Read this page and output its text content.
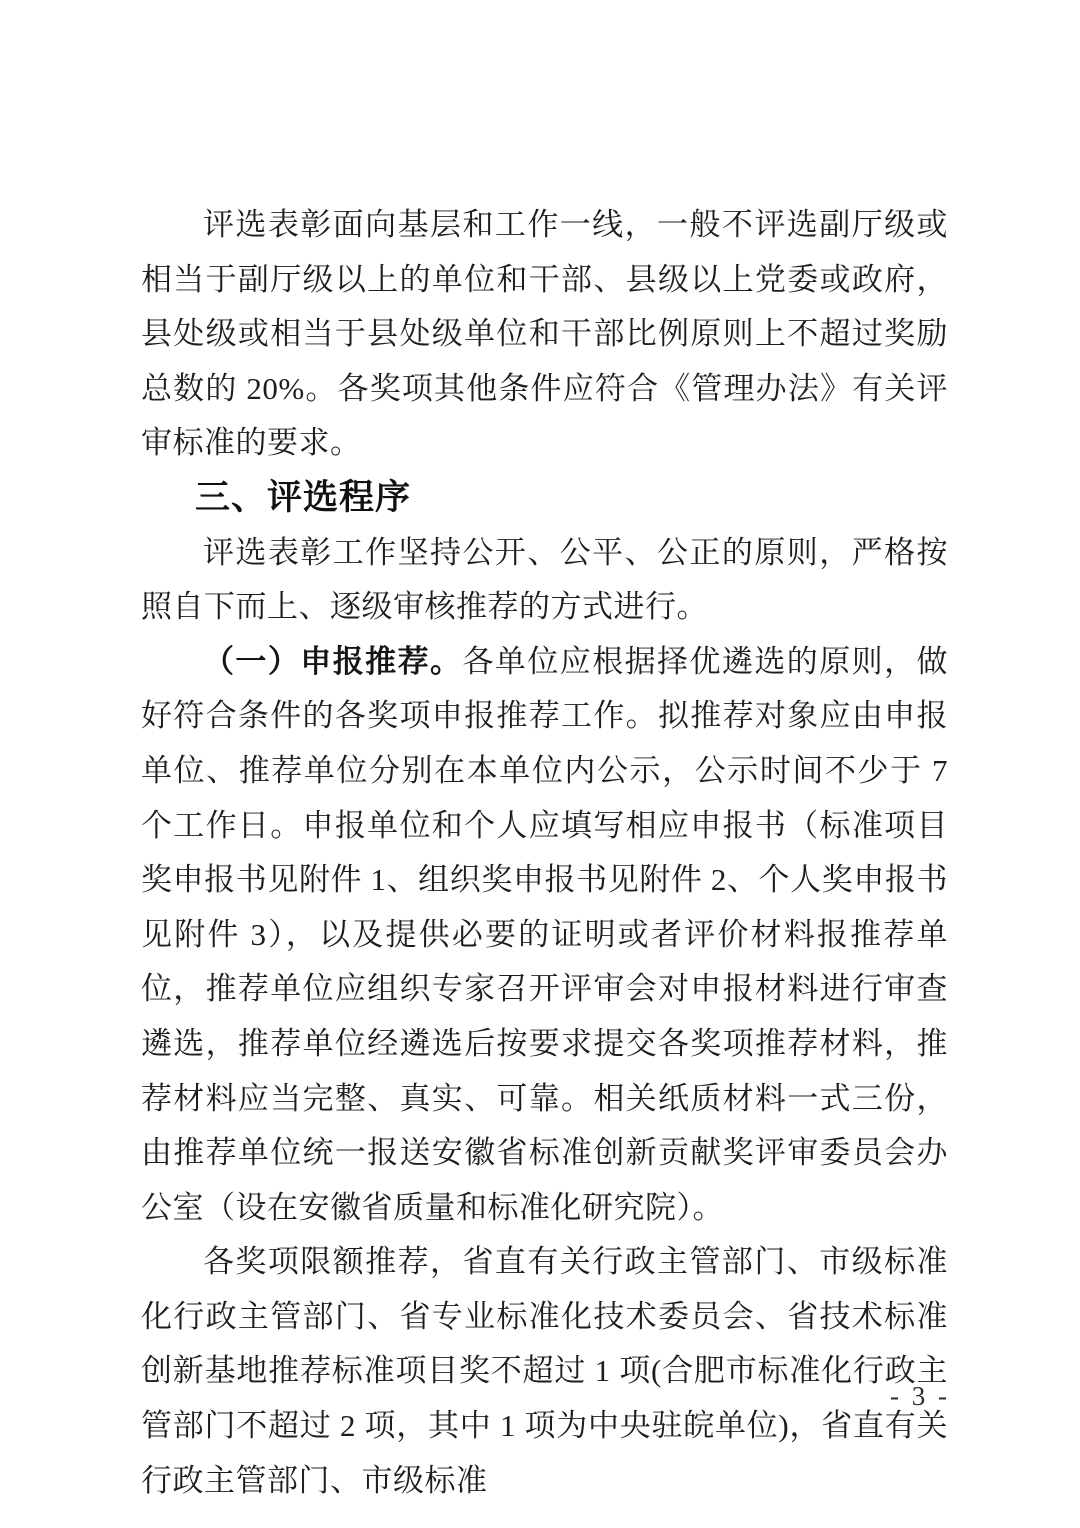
评选表彰面向基层和工作一线，一般不评选副厅级或相当于副厅级以上的单位和干部、县级以上党委或政府，县处级或相当于县处级单位和干部比例原则上不超过奖励总数的 20%。各奖项其他条件应符合《管理办法》有关评审标准的要求。

三、评选程序

评选表彰工作坚持公开、公平、公正的原则，严格按照自下而上、逐级审核推荐的方式进行。

（一）申报推荐。各单位应根据择优遴选的原则，做好符合条件的各奖项申报推荐工作。拟推荐对象应由申报单位、推荐单位分别在本单位内公示，公示时间不少于 7 个工作日。申报单位和个人应填写相应申报书（标准项目奖申报书见附件 1、组织奖申报书见附件 2、个人奖申报书见附件 3），以及提供必要的证明或者评价材料报推荐单位，推荐单位应组织专家召开评审会对申报材料进行审查遴选，推荐单位经遴选后按要求提交各奖项推荐材料，推荐材料应当完整、真实、可靠。相关纸质材料一式三份，由推荐单位统一报送安徽省标准创新贡献奖评审委员会办公室（设在安徽省质量和标准化研究院）。

各奖项限额推荐，省直有关行政主管部门、市级标准化行政主管部门、省专业标准化技术委员会、省技术标准创新基地推荐标准项目奖不超过 1 项(合肥市标准化行政主管部门不超过 2 项，其中 1 项为中央驻皖单位)，省直有关行政主管部门、市级标准

- 3 -
